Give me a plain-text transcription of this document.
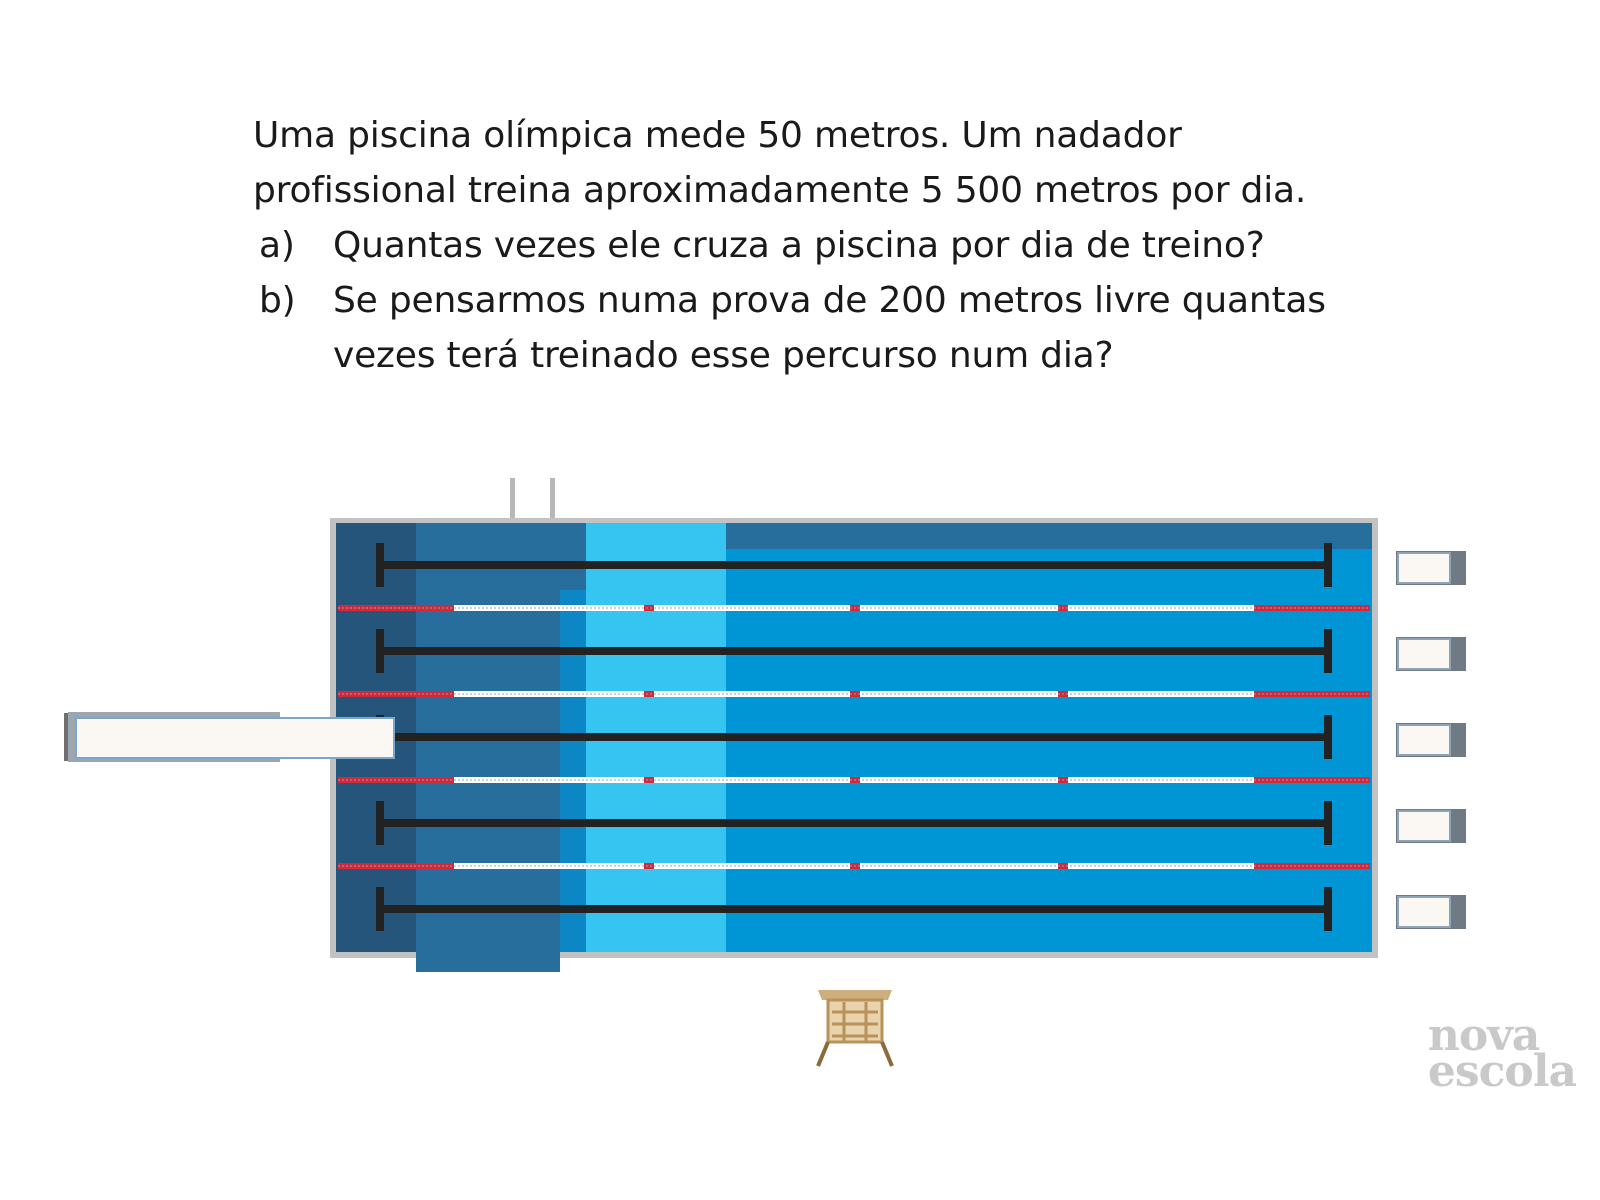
Uma piscina olímpica mede 50 metros. Um nadador profissional treina aproximadamente 5 500 metros por dia.

a) Quantas vezes ele cruza a piscina por dia de treino?
b) Se pensarmos numa prova de 200 metros livre quantas vezes terá treinado esse percurso num dia?
nova
escola
